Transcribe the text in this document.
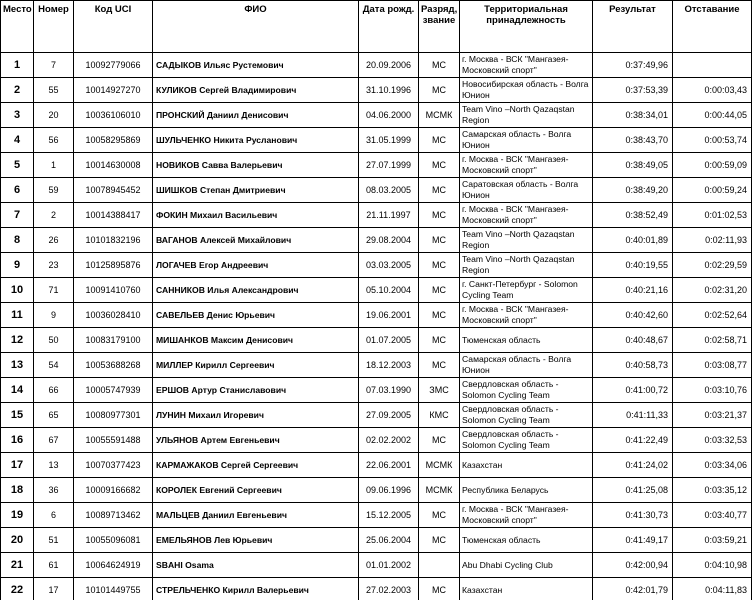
Место	Номер	Код UCI	ФИО	Дата рожд.	Разряд, звание	Территориальная принадлежность	Результат	Отставание
1	7	10092779066	САДЫКОВ Ильяс Рустемович	20.09.2006	МС	г. Москва - ВСК "Мангазея-Московский спорт"	0:37:49,96	
2	55	10014927270	КУЛИКОВ Сергей Владимирович	31.10.1996	МС	Новосибирская область - Волга Юнион	0:37:53,39	0:00:03,43
3	20	10036106010	ПРОНСКИЙ Даниил Денисович	04.06.2000	МСМК	Team Vino –North Qazaqstan Region	0:38:34,01	0:00:44,05
4	56	10058295869	ШУЛЬЧЕНКО Никита Русланович	31.05.1999	МС	Самарская область - Волга Юнион	0:38:43,70	0:00:53,74
5	1	10014630008	НОВИКОВ Савва Валерьевич	27.07.1999	МС	г. Москва - ВСК "Мангазея-Московский спорт"	0:38:49,05	0:00:59,09
6	59	10078945452	ШИШКОВ Степан Дмитриевич	08.03.2005	МС	Саратовская область - Волга Юнион	0:38:49,20	0:00:59,24
7	2	10014388417	ФОКИН Михаил Васильевич	21.11.1997	МС	г. Москва - ВСК "Мангазея-Московский спорт"	0:38:52,49	0:01:02,53
8	26	10101832196	ВАГАНОВ Алексей Михайлович	29.08.2004	МС	Team Vino –North Qazaqstan Region	0:40:01,89	0:02:11,93
9	23	10125895876	ЛОГАЧЕВ Егор Андреевич	03.03.2005	МС	Team Vino –North Qazaqstan Region	0:40:19,55	0:02:29,59
10	71	10091410760	САННИКОВ Илья Александрович	05.10.2004	МС	г. Санкт-Петербург - Solomon Cycling Team	0:40:21,16	0:02:31,20
11	9	10036028410	САВЕЛЬЕВ Денис Юрьевич	19.06.2001	МС	г. Москва - ВСК "Мангазея-Московский спорт"	0:40:42,60	0:02:52,64
12	50	10083179100	МИШАНКОВ Максим Денисович	01.07.2005	МС	Тюменская область	0:40:48,67	0:02:58,71
13	54	10053688268	МИЛЛЕР Кирилл Сергеевич	18.12.2003	МС	Самарская область - Волга Юнион	0:40:58,73	0:03:08,77
14	66	10005747939	ЕРШОВ Артур Станиславович	07.03.1990	ЗМС	Свердловская область - Solomon Cycling Team	0:41:00,72	0:03:10,76
15	65	10080977301	ЛУНИН Михаил Игоревич	27.09.2005	КМС	Свердловская область - Solomon Cycling Team	0:41:11,33	0:03:21,37
16	67	10055591488	УЛЬЯНОВ Артем Евгеньевич	02.02.2002	МС	Свердловская область - Solomon Cycling Team	0:41:22,49	0:03:32,53
17	13	10070377423	КАРМАЖАКОВ Сергей Сергеевич	22.06.2001	МСМК	Казахстан	0:41:24,02	0:03:34,06
18	36	10009166682	КОРОЛЕК Евгений Сергеевич	09.06.1996	МСМК	Республика Беларусь	0:41:25,08	0:03:35,12
19	6	10089713462	МАЛЬЦЕВ Даниил Евгеньевич	15.12.2005	МС	г. Москва - ВСК "Мангазея-Московский спорт"	0:41:30,73	0:03:40,77
20	51	10055096081	ЕМЕЛЬЯНОВ Лев Юрьевич	25.06.2004	МС	Тюменская область	0:41:49,17	0:03:59,21
21	61	10064624919	SBAHI Osama	01.01.2002		Abu Dhabi Cycling Club	0:42:00,94	0:04:10,98
22	17	10101449755	СТРЕЛЬЧЕНКО Кирилл Валерьевич	27.02.2003	МС	Казахстан	0:42:01,79	0:04:11,83
